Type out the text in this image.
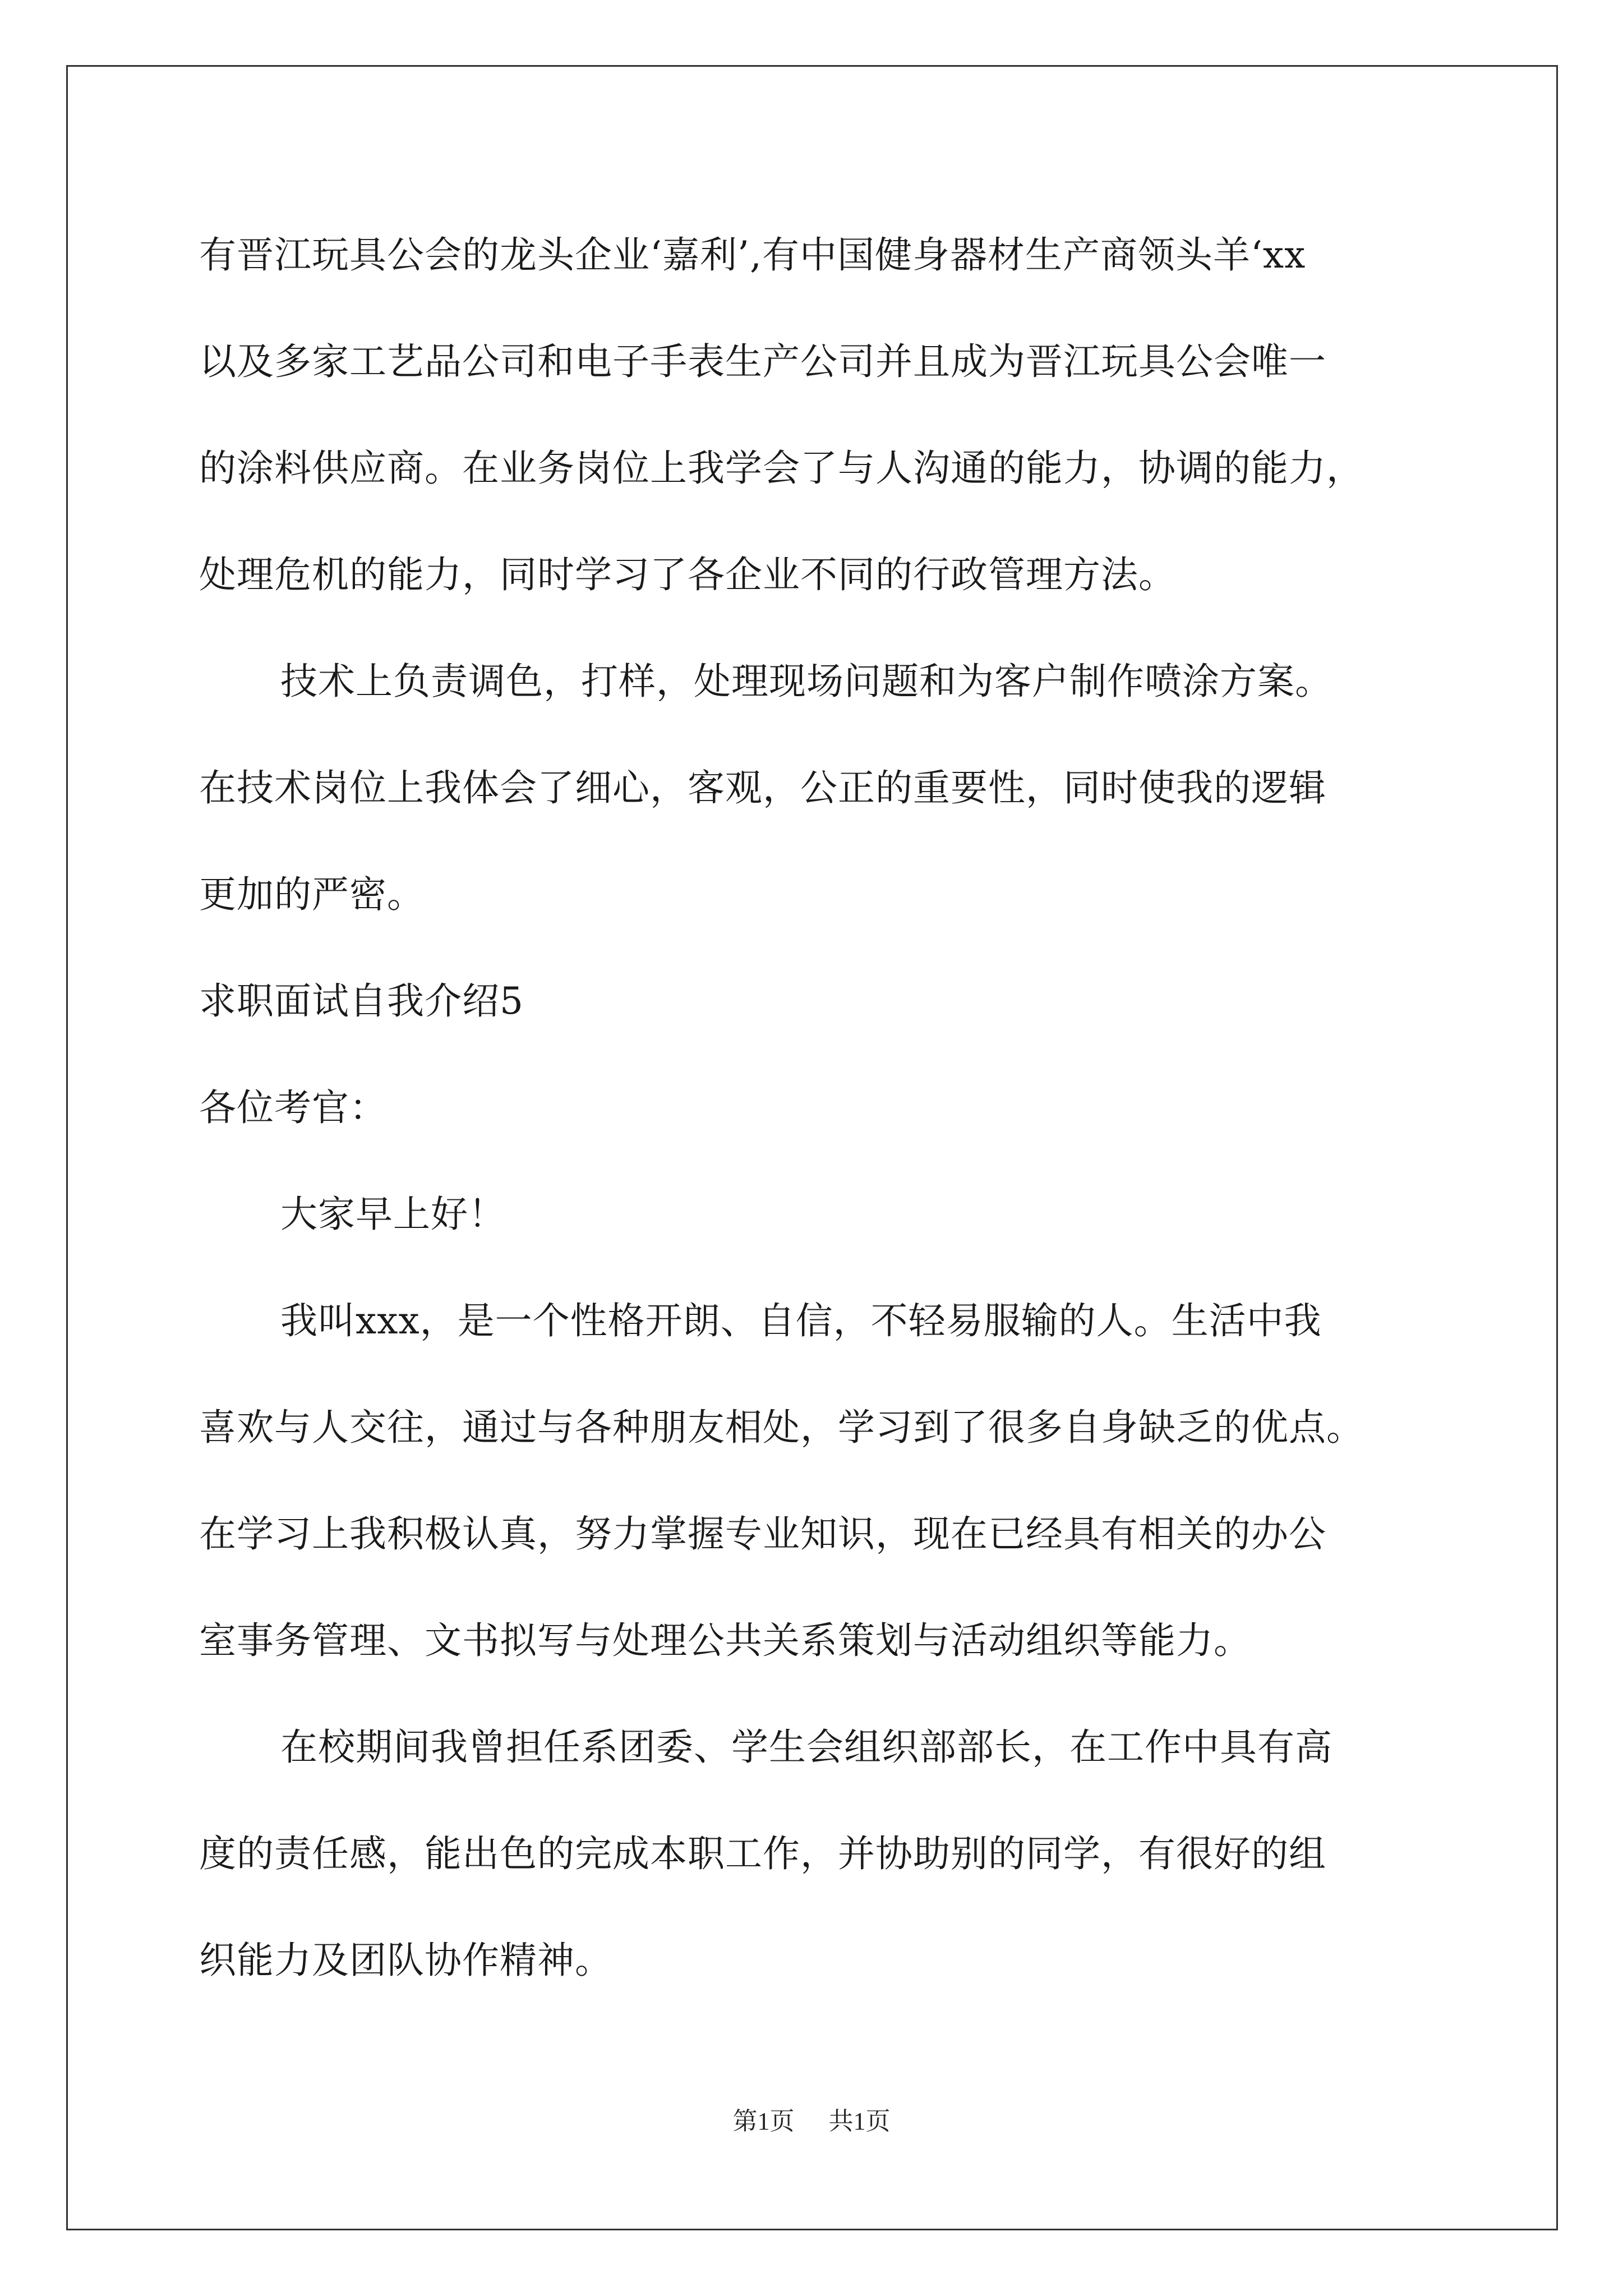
有晋江玩具公会的龙头企业‘嘉利’,有中国健身器材生产商领头羊‘xx
以及多家工艺品公司和电子手表生产公司并且成为晋江玩具公会唯一
的涂料供应商。在业务岗位上我学会了与人沟通的能力，协调的能力，
处理危机的能力，同时学习了各企业不同的行政管理方法。
技术上负责调色，打样，处理现场问题和为客户制作喷涂方案。
在技术岗位上我体会了细心，客观，公正的重要性，同时使我的逻辑
更加的严密。
求职面试自我介绍5
各位考官：
大家早上好！
我叫xxx，是一个性格开朗、自信，不轻易服输的人。生活中我
喜欢与人交往，通过与各种朋友相处，学习到了很多自身缺乏的优点。
在学习上我积极认真，努力掌握专业知识，现在已经具有相关的办公
室事务管理、文书拟写与处理公共关系策划与活动组织等能力。
在校期间我曾担任系团委、学生会组织部部长，在工作中具有高
度的责任感，能出色的完成本职工作，并协助别的同学，有很好的组
织能力及团队协作精神。
第1页 共1页
